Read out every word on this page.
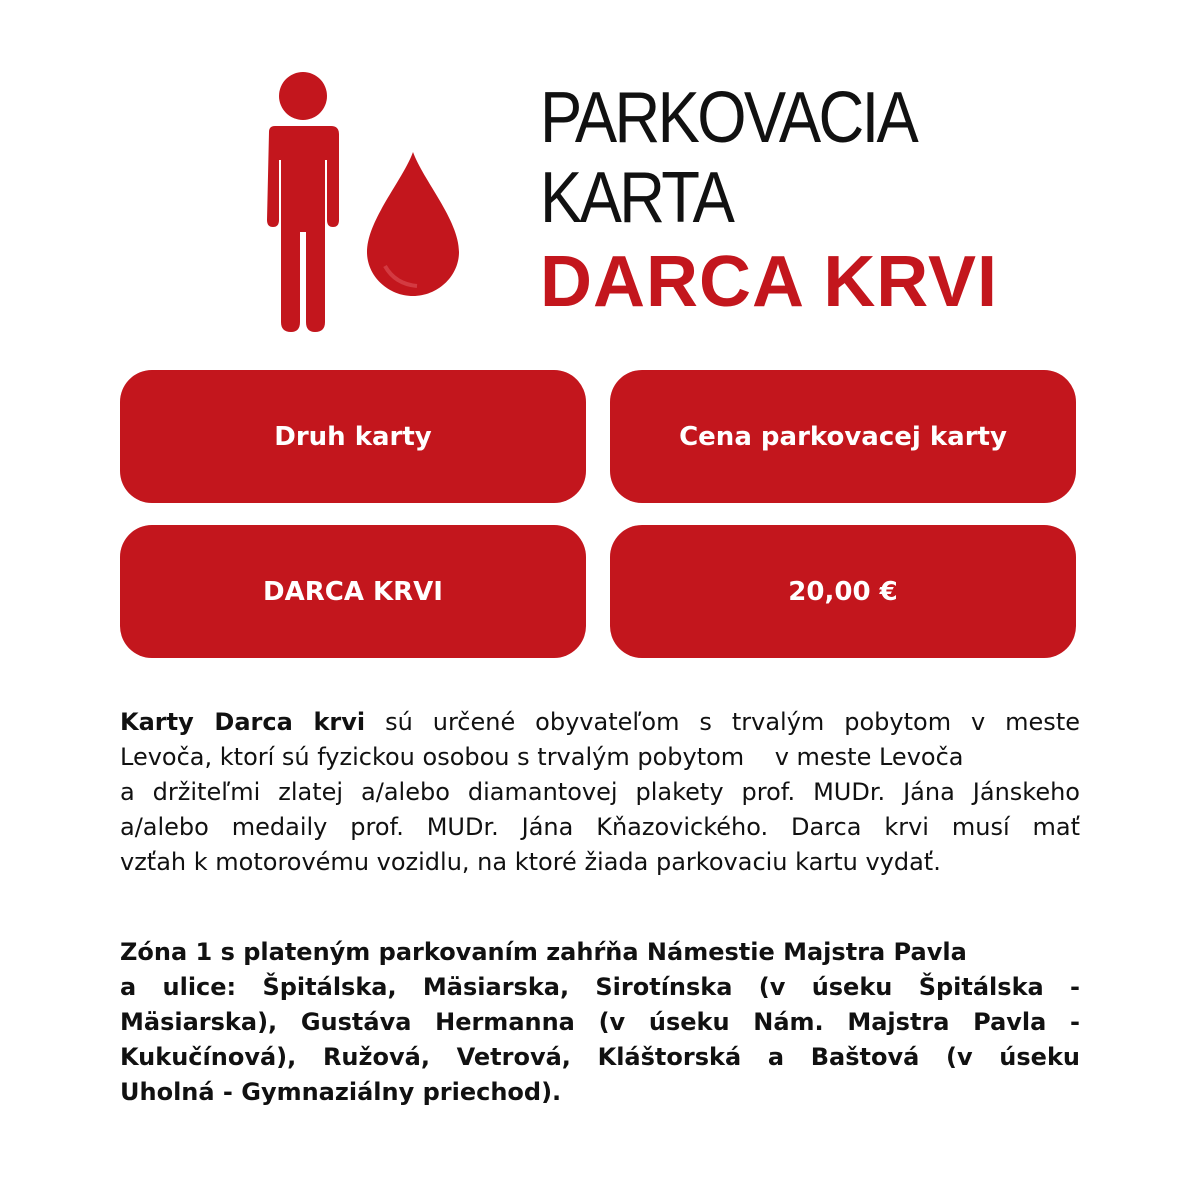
PARKOVACIA
KARTA
DARCA KRVI
Druh karty	Cena parkovacej karty
DARCA KRVI	20,00 €
Karty Darca krvi sú určené obyvateľom s trvalým pobytom v meste
Levoča, ktorí sú fyzickou osobou s trvalým pobytom    v meste Levoča
a držiteľmi zlatej a/alebo diamantovej plakety prof. MUDr. Jána Jánskeho
a/alebo medaily prof. MUDr. Jána Kňazovického. Darca krvi musí mať
vzťah k motorovému vozidlu, na ktoré žiada parkovaciu kartu vydať.
Zóna 1 s plateným parkovaním zahŕňa Námestie Majstra Pavla
a ulice: Špitálska, Mäsiarska, Sirotínska (v úseku Špitálska -
Mäsiarska), Gustáva Hermanna (v úseku Nám. Majstra Pavla -
Kukučínová), Ružová, Vetrová, Kláštorská a Baštová (v úseku
Uholná - Gymnaziálny priechod).
